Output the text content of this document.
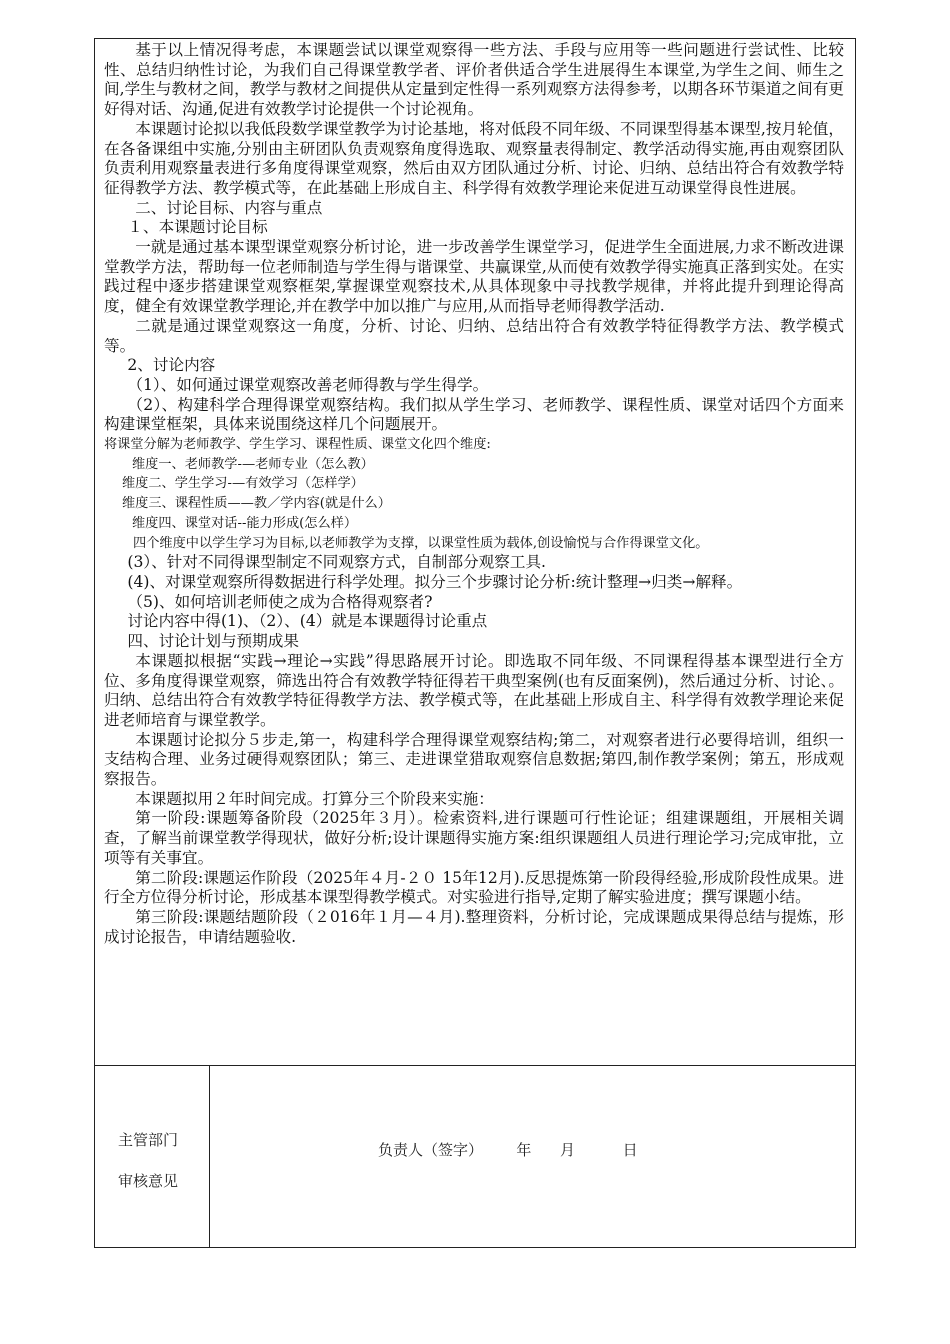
基于以上情况得考虑，本课题尝试以课堂观察得一些方法、手段与应用等一些问题进行尝试性、比较性、总结归纳性讨论，为我们自己得课堂教学者、评价者供适合学生进展得生本课堂,为学生之间、师生之间,学生与教材之间，教学与教材之间提供从定量到定性得一系列观察方法得参考，以期各环节渠道之间有更好得对话、沟通,促进有效教学讨论提供一个讨论视角。

本课题讨论拟以我低段数学课堂教学为讨论基地，将对低段不同年级、不同课型得基本课型,按月轮值，在各备课组中实施,分别由主研团队负责观察角度得选取、观察量表得制定、教学活动得实施,再由观察团队负责利用观察量表进行多角度得课堂观察，然后由双方团队通过分析、讨论、归纳、总结出符合有效教学特征得教学方法、教学模式等，在此基础上形成自主、科学得有效教学理论来促进互动课堂得良性进展。

二、讨论目标、内容与重点

１、本课题讨论目标

一就是通过基本课型课堂观察分析讨论，进一步改善学生课堂学习，促进学生全面进展,力求不断改进课堂教学方法，帮助每一位老师制造与学生得与谐课堂、共赢课堂,从而使有效教学得实施真正落到实处。在实践过程中逐步搭建课堂观察框架,掌握课堂观察技术,从具体现象中寻找教学规律，并将此提升到理论得高度，健全有效课堂教学理论,并在教学中加以推广与应用,从而指导老师得教学活动.

二就是通过课堂观察这一角度，分析、讨论、归纳、总结出符合有效教学特征得教学方法、教学模式等。

2、讨论内容

（1）、如何通过课堂观察改善老师得教与学生得学。

（2）、构建科学合理得课堂观察结构。我们拟从学生学习、老师教学、课程性质、课堂对话四个方面来构建课堂框架，具体来说围绕这样几个问题展开。

将课堂分解为老师教学、学生学习、课程性质、课堂文化四个维度:

维度一、老师教学-—老师专业（怎么教）

维度二、学生学习-—有效学习（怎样学）

维度三、课程性质——教／学内容(就是什么）

维度四、课堂对话--能力形成(怎么样）

四个维度中以学生学习为目标,以老师教学为支撑，以课堂性质为载体,创设愉悦与合作得课堂文化。

(3）、针对不同得课型制定不同观察方式，自制部分观察工具.

(4)、对课堂观察所得数据进行科学处理。拟分三个步骤讨论分析:统计整理→归类→解释。

（5)、如何培训老师使之成为合格得观察者?

讨论内容中得(1)、（2）、(4）就是本课题得讨论重点

四、讨论计划与预期成果

本课题拟根据“实践→理论→实践”得思路展开讨论。即选取不同年级、不同课程得基本课型进行全方位、多角度得课堂观察，筛选出符合有效教学特征得若干典型案例(也有反面案例)，然后通过分析、讨论、。归纳、总结出符合有效教学特征得教学方法、教学模式等，在此基础上形成自主、科学得有效教学理论来促进老师培育与课堂教学。

本课题讨论拟分５步走,第一，构建科学合理得课堂观察结构;第二，对观察者进行必要得培训，组织一支结构合理、业务过硬得观察团队；第三、走进课堂猎取观察信息数据;第四,制作教学案例；第五，形成观察报告。

本课题拟用２年时间完成。打算分三个阶段来实施：

第一阶段:课题筹备阶段（2025年３月）。检索资料,进行课题可行性论证；组建课题组，开展相关调查，了解当前课堂教学得现状，做好分析;设计课题得实施方案:组织课题组人员进行理论学习;完成审批，立项等有关事宜。

第二阶段:课题运作阶段（2025年４月-２０ 15年12月).反思提炼第一阶段得经验,形成阶段性成果。进行全方位得分析讨论，形成基本课型得教学模式。对实验进行指导,定期了解实验进度；撰写课题小结。

第三阶段:课题结题阶段（２016年１月—４月).整理资料，分析讨论，完成课题成果得总结与提炼，形成讨论报告，申请结题验收.

主管部门
审核意见
负责人（签字）       年      月          日
